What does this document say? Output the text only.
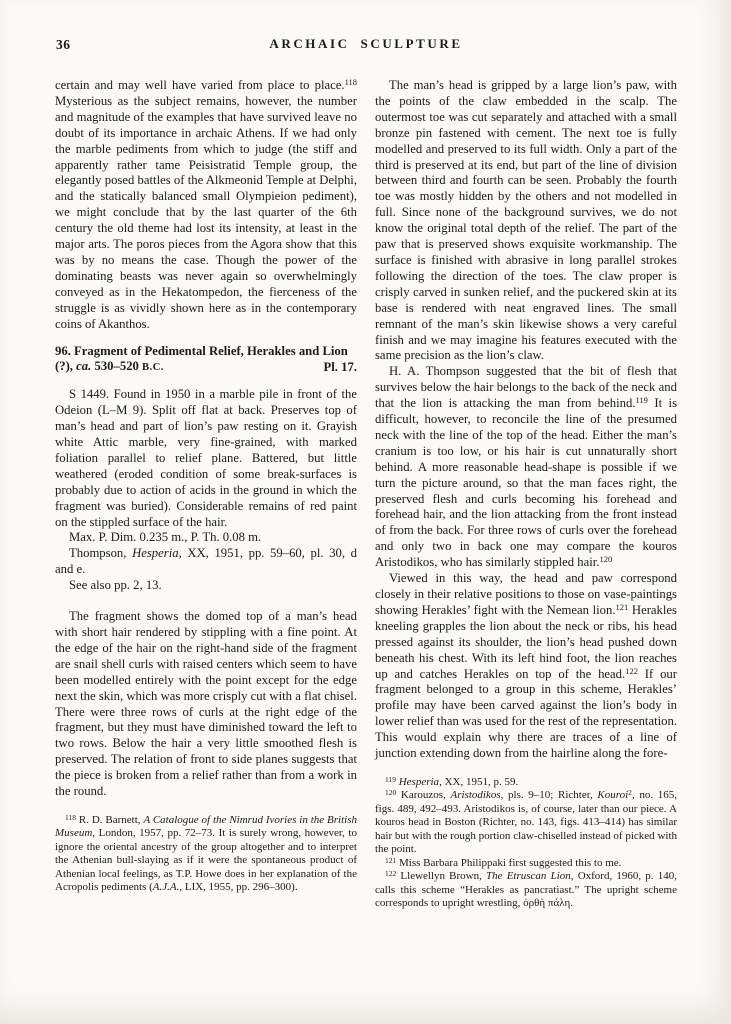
36	ARCHAIC SCULPTURE

certain and may well have varied from place to place.$^{118}$ Mysterious as the subject remains, however, the number and magnitude of the examples that have survived leave no doubt of its importance in archaic Athens. If we had only the marble pediments from which to judge (the stiff and apparently rather tame Peisistratid Temple group, the elegantly posed battles of the Alkmeonid Temple at Delphi, and the statically balanced small Olympieion pediment), we might conclude that by the last quarter of the 6th century the old theme had lost its intensity, at least in the major arts. The poros pieces from the Agora show that this was by no means the case. Though the power of the dominating beasts was never again so overwhelmingly conveyed as in the Hekatompedon, the fierceness of the struggle is as vividly shown here as in the contemporary coins of Akanthos.

96. Fragment of Pedimental Relief, Herakles and Lion (?), ca. 530–520 B.C.	Pl. 17.

S 1449. Found in 1950 in a marble pile in front of the Odeion (L–M 9). Split off flat at back. Preserves top of man’s head and part of lion’s paw resting on it. Grayish white Attic marble, very fine-grained, with marked foliation parallel to relief plane. Battered, but little weathered (eroded condition of some break-surfaces is probably due to action of acids in the ground in which the fragment was buried). Considerable remains of red paint on the stippled surface of the hair.

Max. P. Dim. 0.235 m., P. Th. 0.08 m.

Thompson, Hesperia, XX, 1951, pp. 59–60, pl. 30, d and e.

See also pp. 2, 13.

The fragment shows the domed top of a man’s head with short hair rendered by stippling with a fine point. At the edge of the hair on the right-hand side of the fragment are snail shell curls with raised centers which seem to have been modelled entirely with the point except for the edge next the skin, which was more crisply cut with a flat chisel. There were three rows of curls at the right edge of the fragment, but they must have diminished toward the left to two rows. Below the hair a very little smoothed flesh is preserved. The relation of front to side planes suggests that the piece is broken from a relief rather than from a work in the round.

$^{118}$ R. D. Barnett, A Catalogue of the Nimrud Ivories in the British Museum, London, 1957, pp. 72–73. It is surely wrong, however, to ignore the oriental ancestry of the group altogether and to interpret the Athenian bull-slaying as if it were the spontaneous product of Athenian local feelings, as T.P. Howe does in her explanation of the Acropolis pediments (A.J.A., LIX, 1955, pp. 296–300).

The man’s head is gripped by a large lion’s paw, with the points of the claw embedded in the scalp. The outermost toe was cut separately and attached with a small bronze pin fastened with cement. The next toe is fully modelled and preserved to its full width. Only a part of the third is preserved at its end, but part of the line of division between third and fourth can be seen. Probably the fourth toe was mostly hidden by the others and not modelled in full. Since none of the background survives, we do not know the original total depth of the relief. The part of the paw that is preserved shows exquisite workmanship. The surface is finished with abrasive in long parallel strokes following the direction of the toes. The claw proper is crisply carved in sunken relief, and the puckered skin at its base is rendered with neat engraved lines. The small remnant of the man’s skin likewise shows a very careful finish and we may imagine his features executed with the same precision as the lion’s claw.

H. A. Thompson suggested that the bit of flesh that survives below the hair belongs to the back of the neck and that the lion is attacking the man from behind.$^{119}$ It is difficult, however, to reconcile the line of the presumed neck with the line of the top of the head. Either the man’s cranium is too low, or his hair is cut unnaturally short behind. A more reasonable head-shape is possible if we turn the picture around, so that the man faces right, the preserved flesh and curls becoming his forehead and forehead hair, and the lion attacking from the front instead of from the back. For three rows of curls over the forehead and only two in back one may compare the kouros Aristodikos, who has similarly stippled hair.$^{120}$

Viewed in this way, the head and paw correspond closely in their relative positions to those on vase-paintings showing Herakles’ fight with the Nemean lion.$^{121}$ Herakles kneeling grapples the lion about the neck or ribs, his head pressed against its shoulder, the lion’s head pushed down beneath his chest. With its left hind foot, the lion reaches up and catches Herakles on top of the head.$^{122}$ If our fragment belonged to a group in this scheme, Herakles’ profile may have been carved against the lion’s body in lower relief than was used for the rest of the representation. This would explain why there are traces of a line of junction extending down from the hairline along the fore-

$^{119}$ Hesperia, XX, 1951, p. 59.

$^{120}$ Karouzos, Aristodikos, pls. 9–10; Richter, Kouroi$^2$, no. 165, figs. 489, 492–493. Aristodikos is, of course, later than our piece. A kouros head in Boston (Richter, no. 143, figs. 413–414) has similar hair but with the rough portion claw-chiselled instead of picked with the point.

$^{121}$ Miss Barbara Philippaki first suggested this to me.

$^{122}$ Llewellyn Brown, The Etruscan Lion, Oxford, 1960, p. 140, calls this scheme “Herakles as pancratiast.” The upright scheme corresponds to upright wrestling, ὀρθὴ πάλη.
